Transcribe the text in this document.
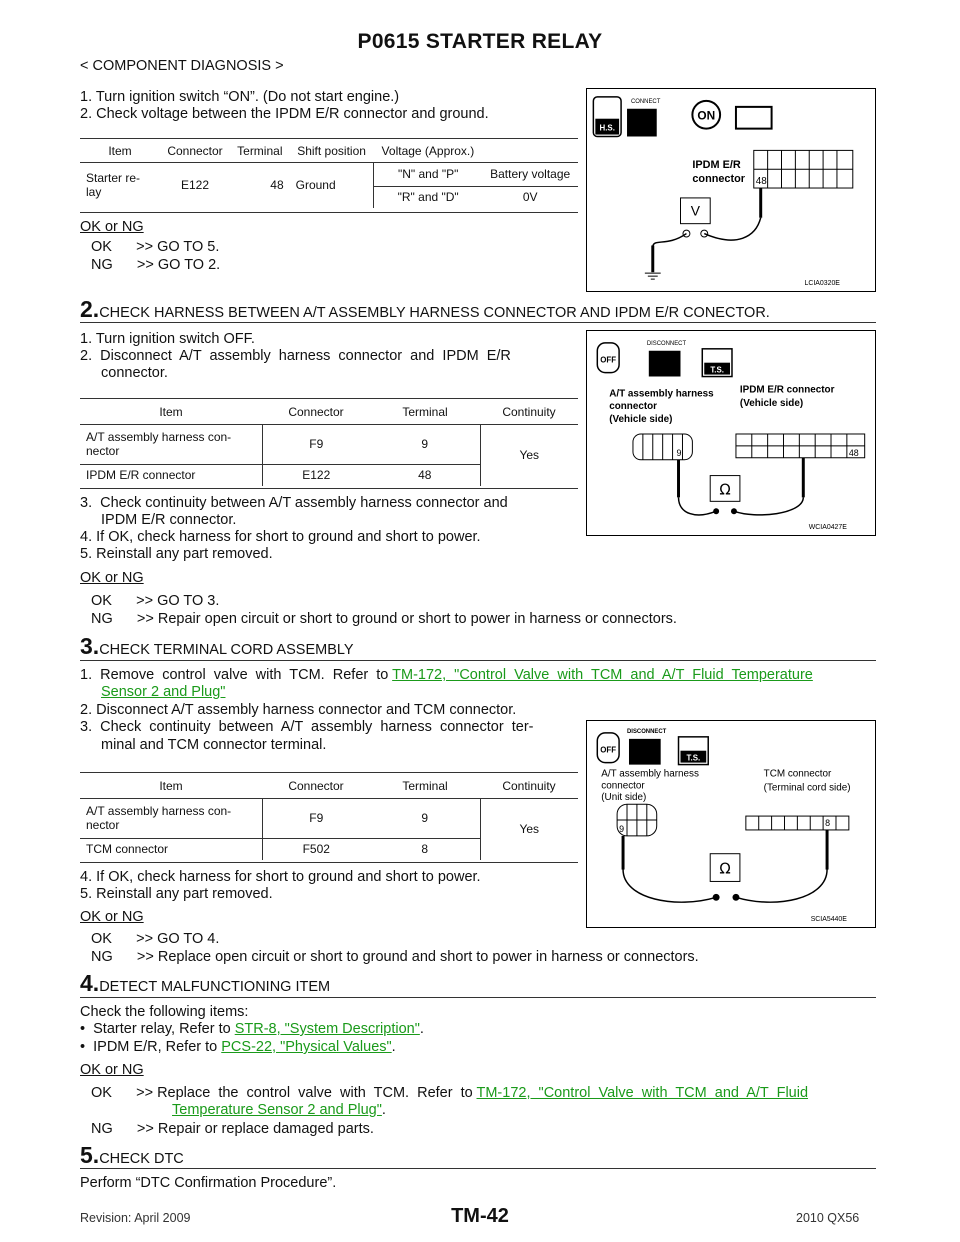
P0615 STARTER RELAY
< COMPONENT DIAGNOSIS >
1. Turn ignition switch “ON”. (Do not start engine.)
2. Check voltage between the IPDM E/R connector and ground.
Item	Connector	Terminal	Shift position	Voltage (Approx.)	
Starter re-lay	E122	48	Ground	"N" and "P"	Battery voltage
				"R" and "D"	0V
OK or NG
OK      >> GO TO 5.
NG      >> GO TO 2.
H.S.
CONNECT
ON
IPDM E/R
connector 48
V
LCIA0320E
2.CHECK HARNESS BETWEEN A/T ASSEMBLY HARNESS CONNECTOR AND IPDM E/R CONECTOR.
1. Turn ignition switch OFF.
2.  Disconnect  A/T  assembly  harness  connector  and  IPDM  E/R
connector.
Item	Connector	Terminal	Continuity
A/T assembly harness con-nector	F9	9	Yes
IPDM E/R connector	E122	48	
3.  Check continuity between A/T assembly harness connector and
IPDM E/R connector.
4. If OK, check harness for short to ground and short to power.
5. Reinstall any part removed.
OK or NG
OK      >> GO TO 3.
NG      >> Repair open circuit or short to ground or short to power in harness or connectors.
OFF
DISCONNECT
T.S.
A/T assembly harness
connector
(Vehicle side)
IPDM E/R connector
(Vehicle side)
9	48
Ω
WCIA0427E
3.CHECK TERMINAL CORD ASSEMBLY
1.  Remove  control  valve  with  TCM.  Refer  to TM-172,  "Control  Valve  with  TCM  and  A/T  Fluid  Temperature
Sensor 2 and Plug"
2. Disconnect A/T assembly harness connector and TCM connector.
3.  Check  continuity  between  A/T  assembly  harness  connector  ter-
minal and TCM connector terminal.
Item	Connector	Terminal	Continuity
A/T assembly harness con-nector	F9	9	Yes
TCM connector	F502	8	
4. If OK, check harness for short to ground and short to power.
5. Reinstall any part removed.
OK or NG
OK      >> GO TO 4.
NG      >> Replace open circuit or short to ground and short to power in harness or connectors.
OFF
DISCONNECT
T.S.
A/T assembly harness
connector
(Unit side)
TCM connector
(Terminal cord side)
9
8
Ω
SCIA5440E
4.DETECT MALFUNCTIONING ITEM
Check the following items:
•  Starter relay, Refer to STR-8, "System Description".
•  IPDM E/R, Refer to PCS-22, "Physical Values".
OK or NG
OK      >> Replace  the  control  valve  with  TCM.  Refer  to TM-172,  "Control  Valve  with  TCM  and  A/T  Fluid
Temperature Sensor 2 and Plug".
NG      >> Repair or replace damaged parts.
5.CHECK DTC
Perform “DTC Confirmation Procedure”.
Revision: April 2009	TM-42	2010 QX56
